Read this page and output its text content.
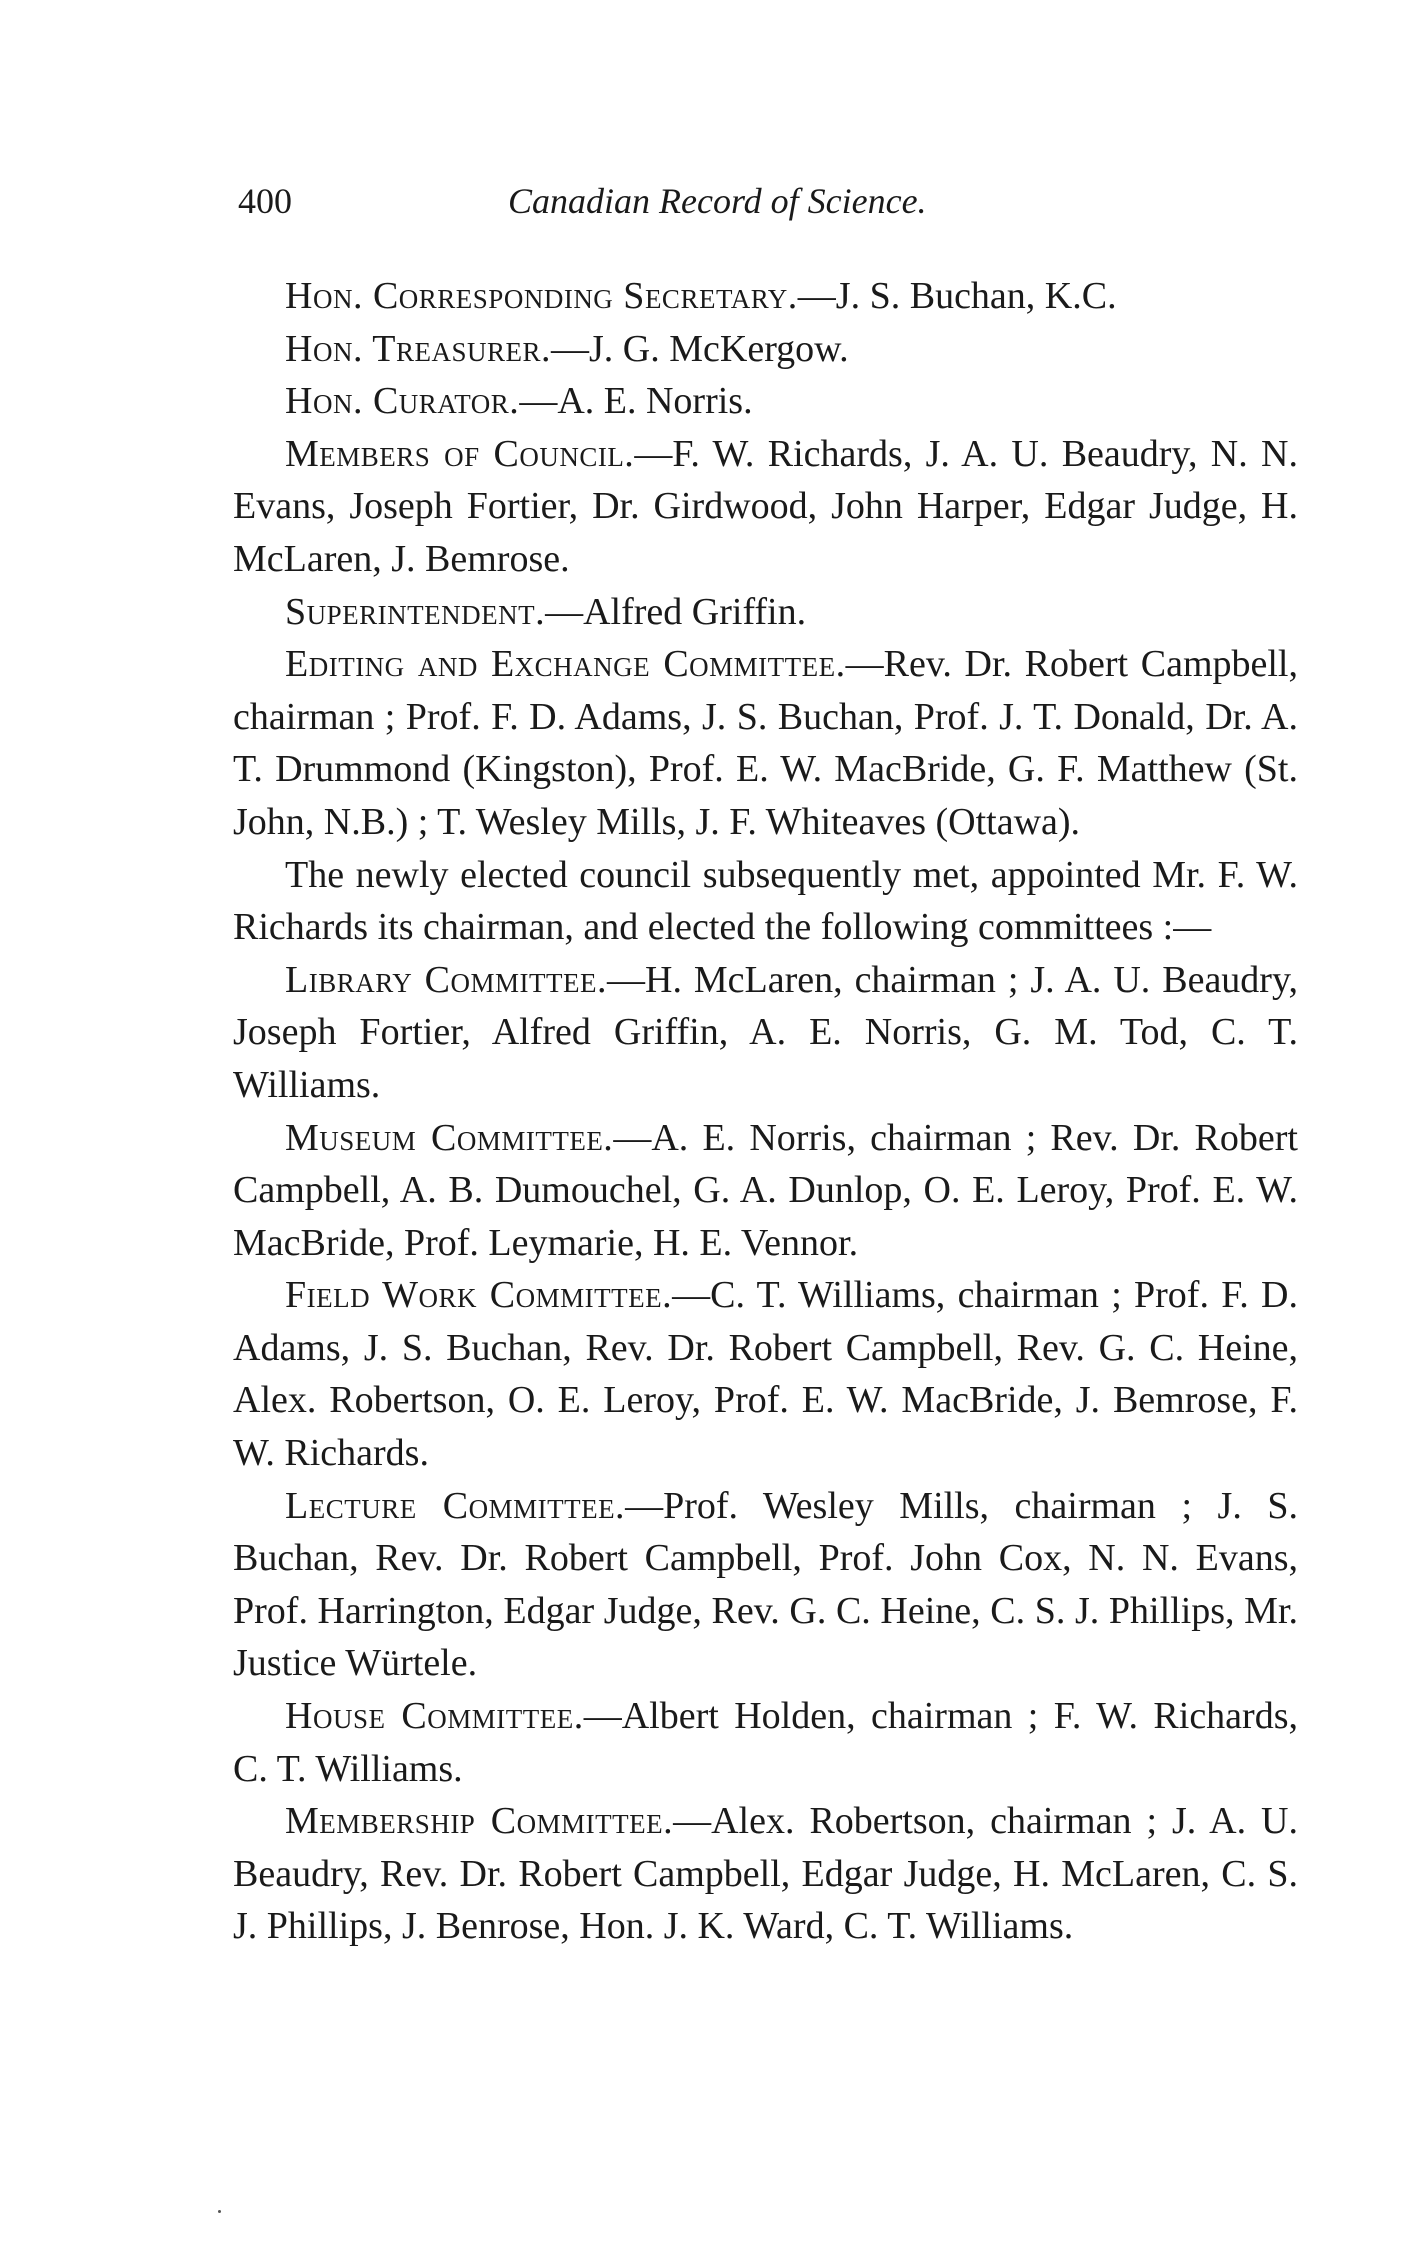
400	Canadian Record of Science.

Hon. Corresponding Secretary.—J. S. Buchan, K.C.

Hon. Treasurer.—J. G. McKergow.

Hon. Curator.—A. E. Norris.

Members of Council.—F. W. Richards, J. A. U. Beaudry, N. N. Evans, Joseph Fortier, Dr. Girdwood, John Harper, Edgar Judge, H. McLaren, J. Bemrose.

Superintendent.—Alfred Griffin.

Editing and Exchange Committee.—Rev. Dr. Robert Campbell, chairman ; Prof. F. D. Adams, J. S. Buchan, Prof. J. T. Donald, Dr. A. T. Drummond (Kingston), Prof. E. W. MacBride, G. F. Matthew (St. John, N.B.) ; T. Wesley Mills, J. F. Whiteaves (Ottawa).

The newly elected council subsequently met, appointed Mr. F. W. Richards its chairman, and elected the following committees :—

Library Committee.—H. McLaren, chairman ; J. A. U. Beaudry, Joseph Fortier, Alfred Griffin, A. E. Norris, G. M. Tod, C. T. Williams.

Museum Committee.—A. E. Norris, chairman ; Rev. Dr. Robert Campbell, A. B. Dumouchel, G. A. Dunlop, O. E. Leroy, Prof. E. W. MacBride, Prof. Leymarie, H. E. Vennor.

Field Work Committee.—C. T. Williams, chairman ; Prof. F. D. Adams, J. S. Buchan, Rev. Dr. Robert Campbell, Rev. G. C. Heine, Alex. Robertson, O. E. Leroy, Prof. E. W. MacBride, J. Bemrose, F. W. Richards.

Lecture Committee.—Prof. Wesley Mills, chairman ; J. S. Buchan, Rev. Dr. Robert Campbell, Prof. John Cox, N. N. Evans, Prof. Harrington, Edgar Judge, Rev. G. C. Heine, C. S. J. Phillips, Mr. Justice Würtele.

House Committee.—Albert Holden, chairman ; F. W. Richards, C. T. Williams.

Membership Committee.—Alex. Robertson, chairman ; J. A. U. Beaudry, Rev. Dr. Robert Campbell, Edgar Judge, H. McLaren, C. S. J. Phillips, J. Benrose, Hon. J. K. Ward, C. T. Williams.
